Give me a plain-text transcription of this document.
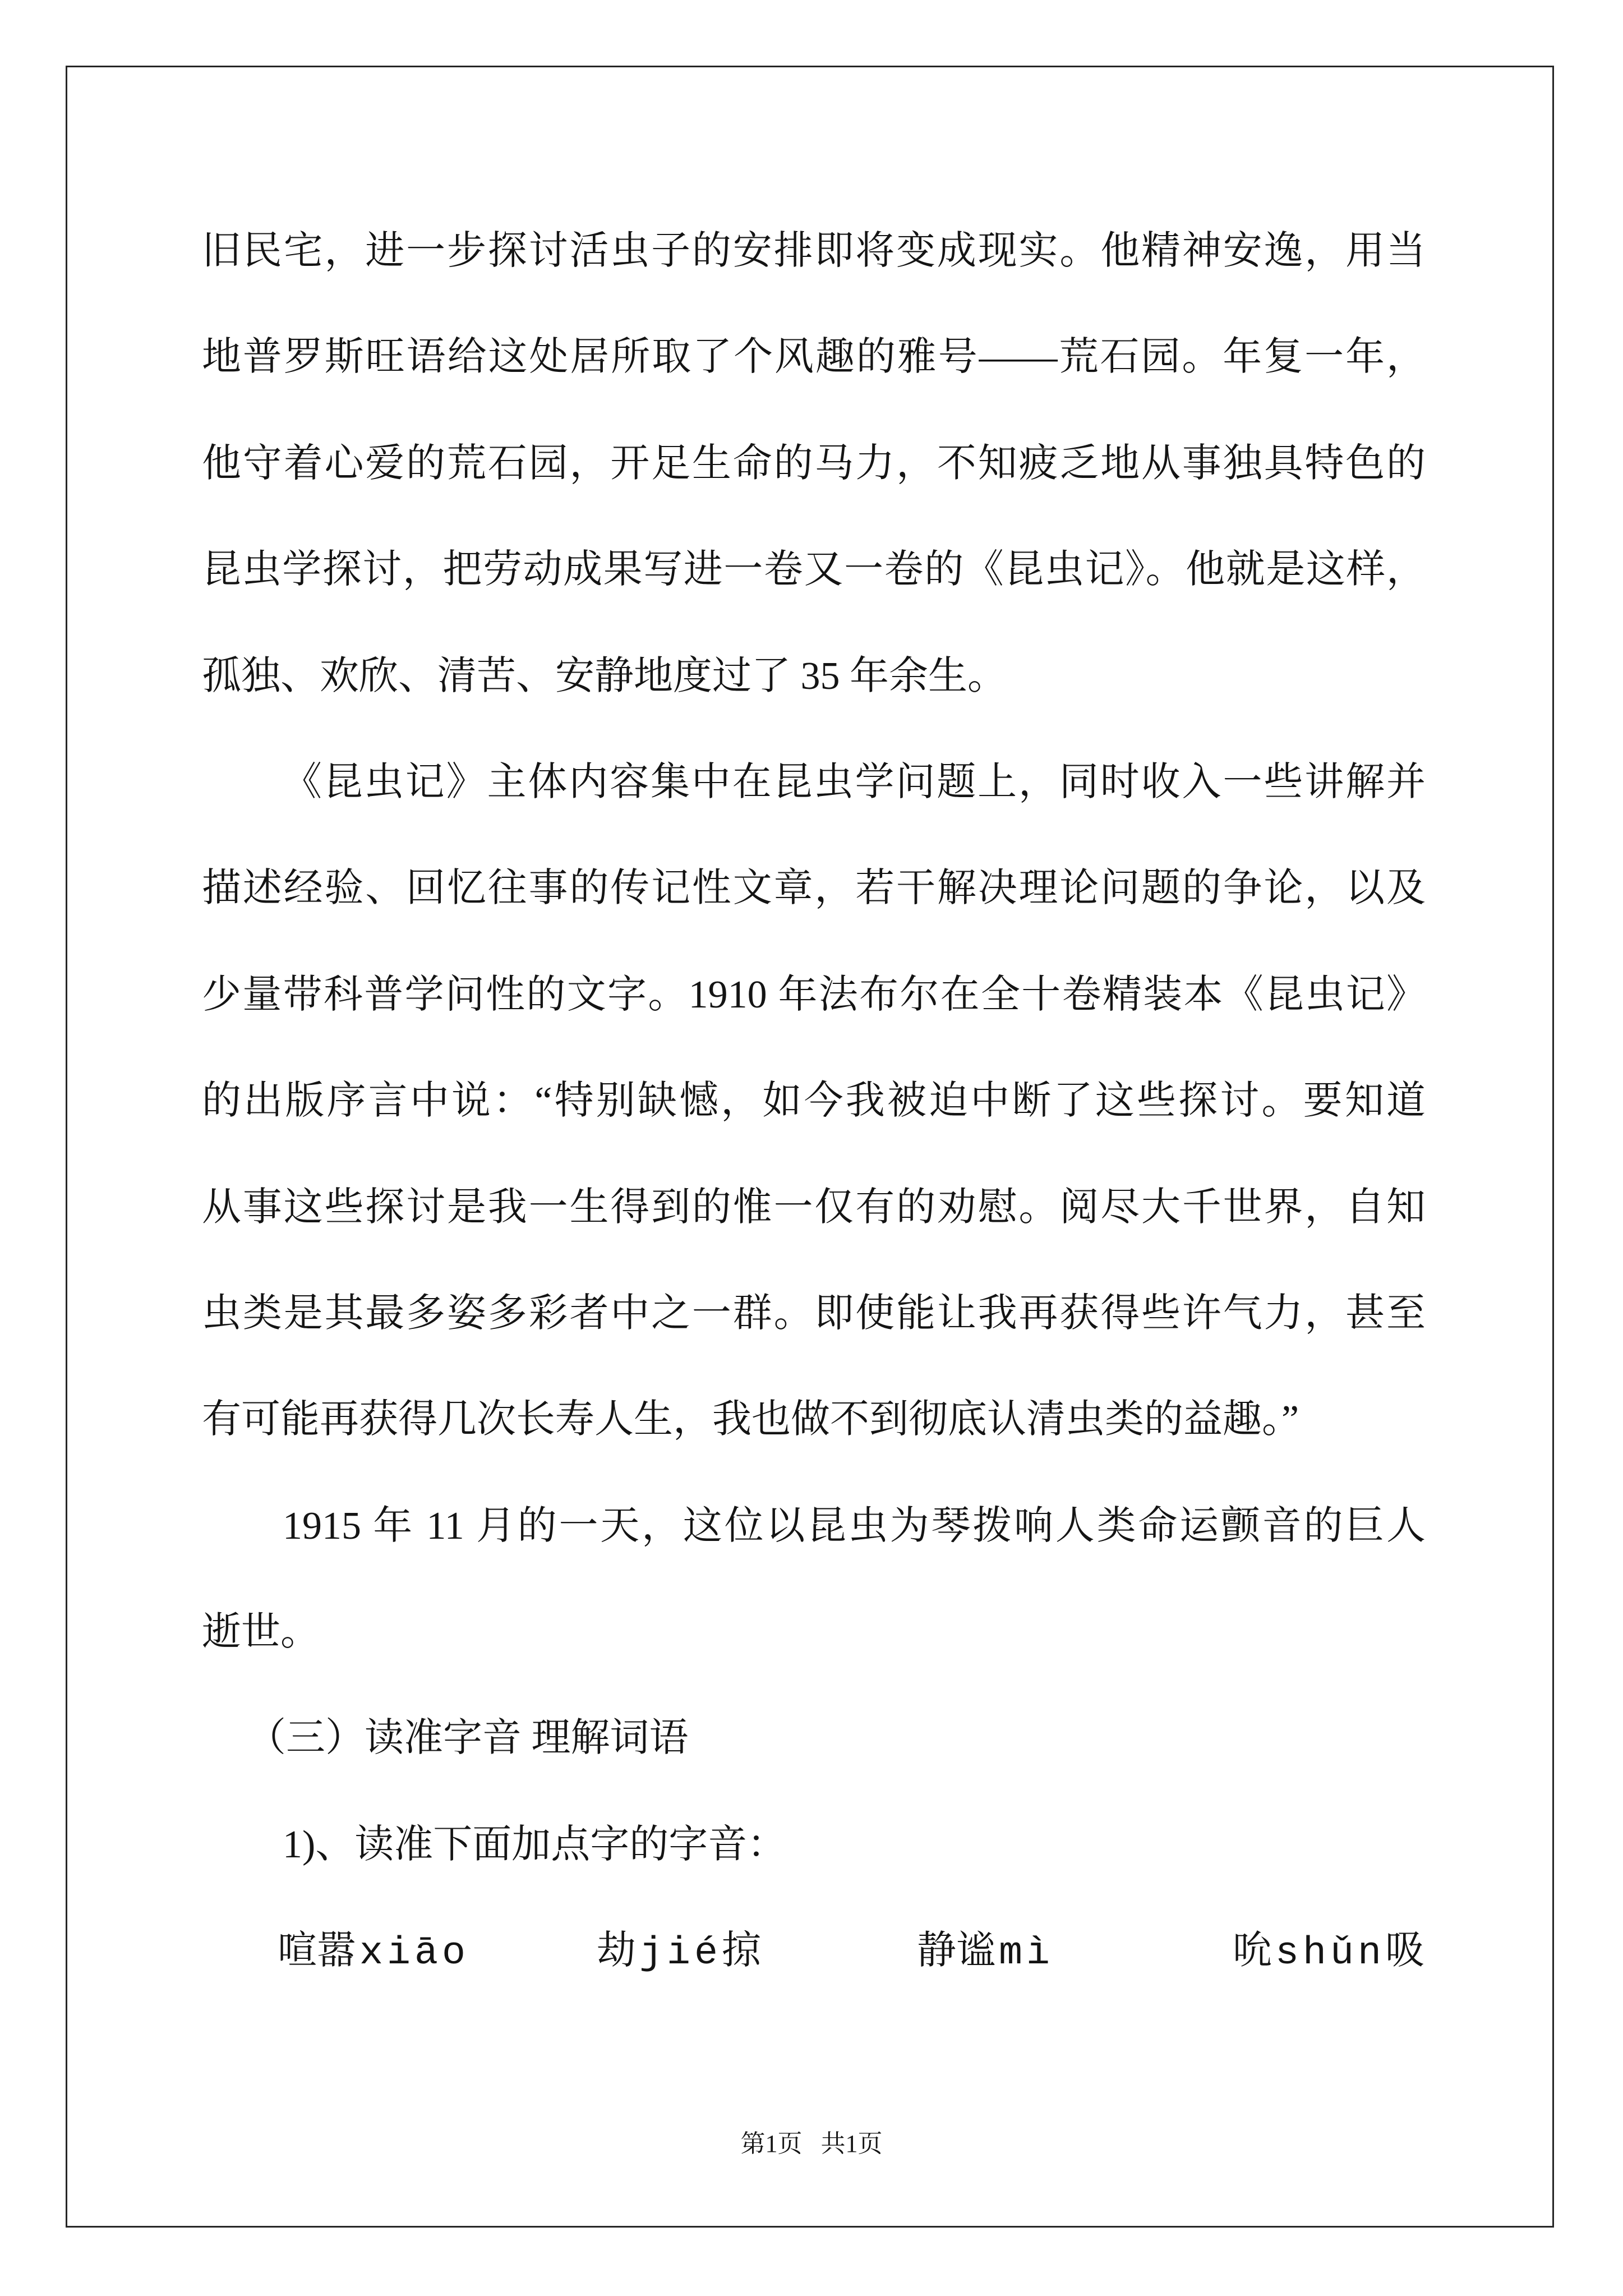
旧民宅，进一步探讨活虫子的安排即将变成现实。他精神安逸，用当
地普罗斯旺语给这处居所取了个风趣的雅号——荒石园。年复一年，
他守着心爱的荒石园，开足生命的马力，不知疲乏地从事独具特色的
昆虫学探讨，把劳动成果写进一卷又一卷的《昆虫记》。他就是这样，
孤独、欢欣、清苦、安静地度过了 35 年余生。
《昆虫记》主体内容集中在昆虫学问题上，同时收入一些讲解并
描述经验、回忆往事的传记性文章，若干解决理论问题的争论，以及
少量带科普学问性的文字。1910 年法布尔在全十卷精装本《昆虫记》
的出版序言中说：“特别缺憾，如今我被迫中断了这些探讨。要知道
从事这些探讨是我一生得到的惟一仅有的劝慰。阅尽大千世界，自知
虫类是其最多姿多彩者中之一群。即使能让我再获得些许气力，甚至
有可能再获得几次长寿人生，我也做不到彻底认清虫类的益趣。”
1915 年 11 月的一天，这位以昆虫为琴拨响人类命运颤音的巨人
逝世。
（三）读准字音 理解词语
1)、读准下面加点字的字音：
喧嚣xiāo	劫jié掠	静谧mì	吮shǔn吸
第1页   共1页
